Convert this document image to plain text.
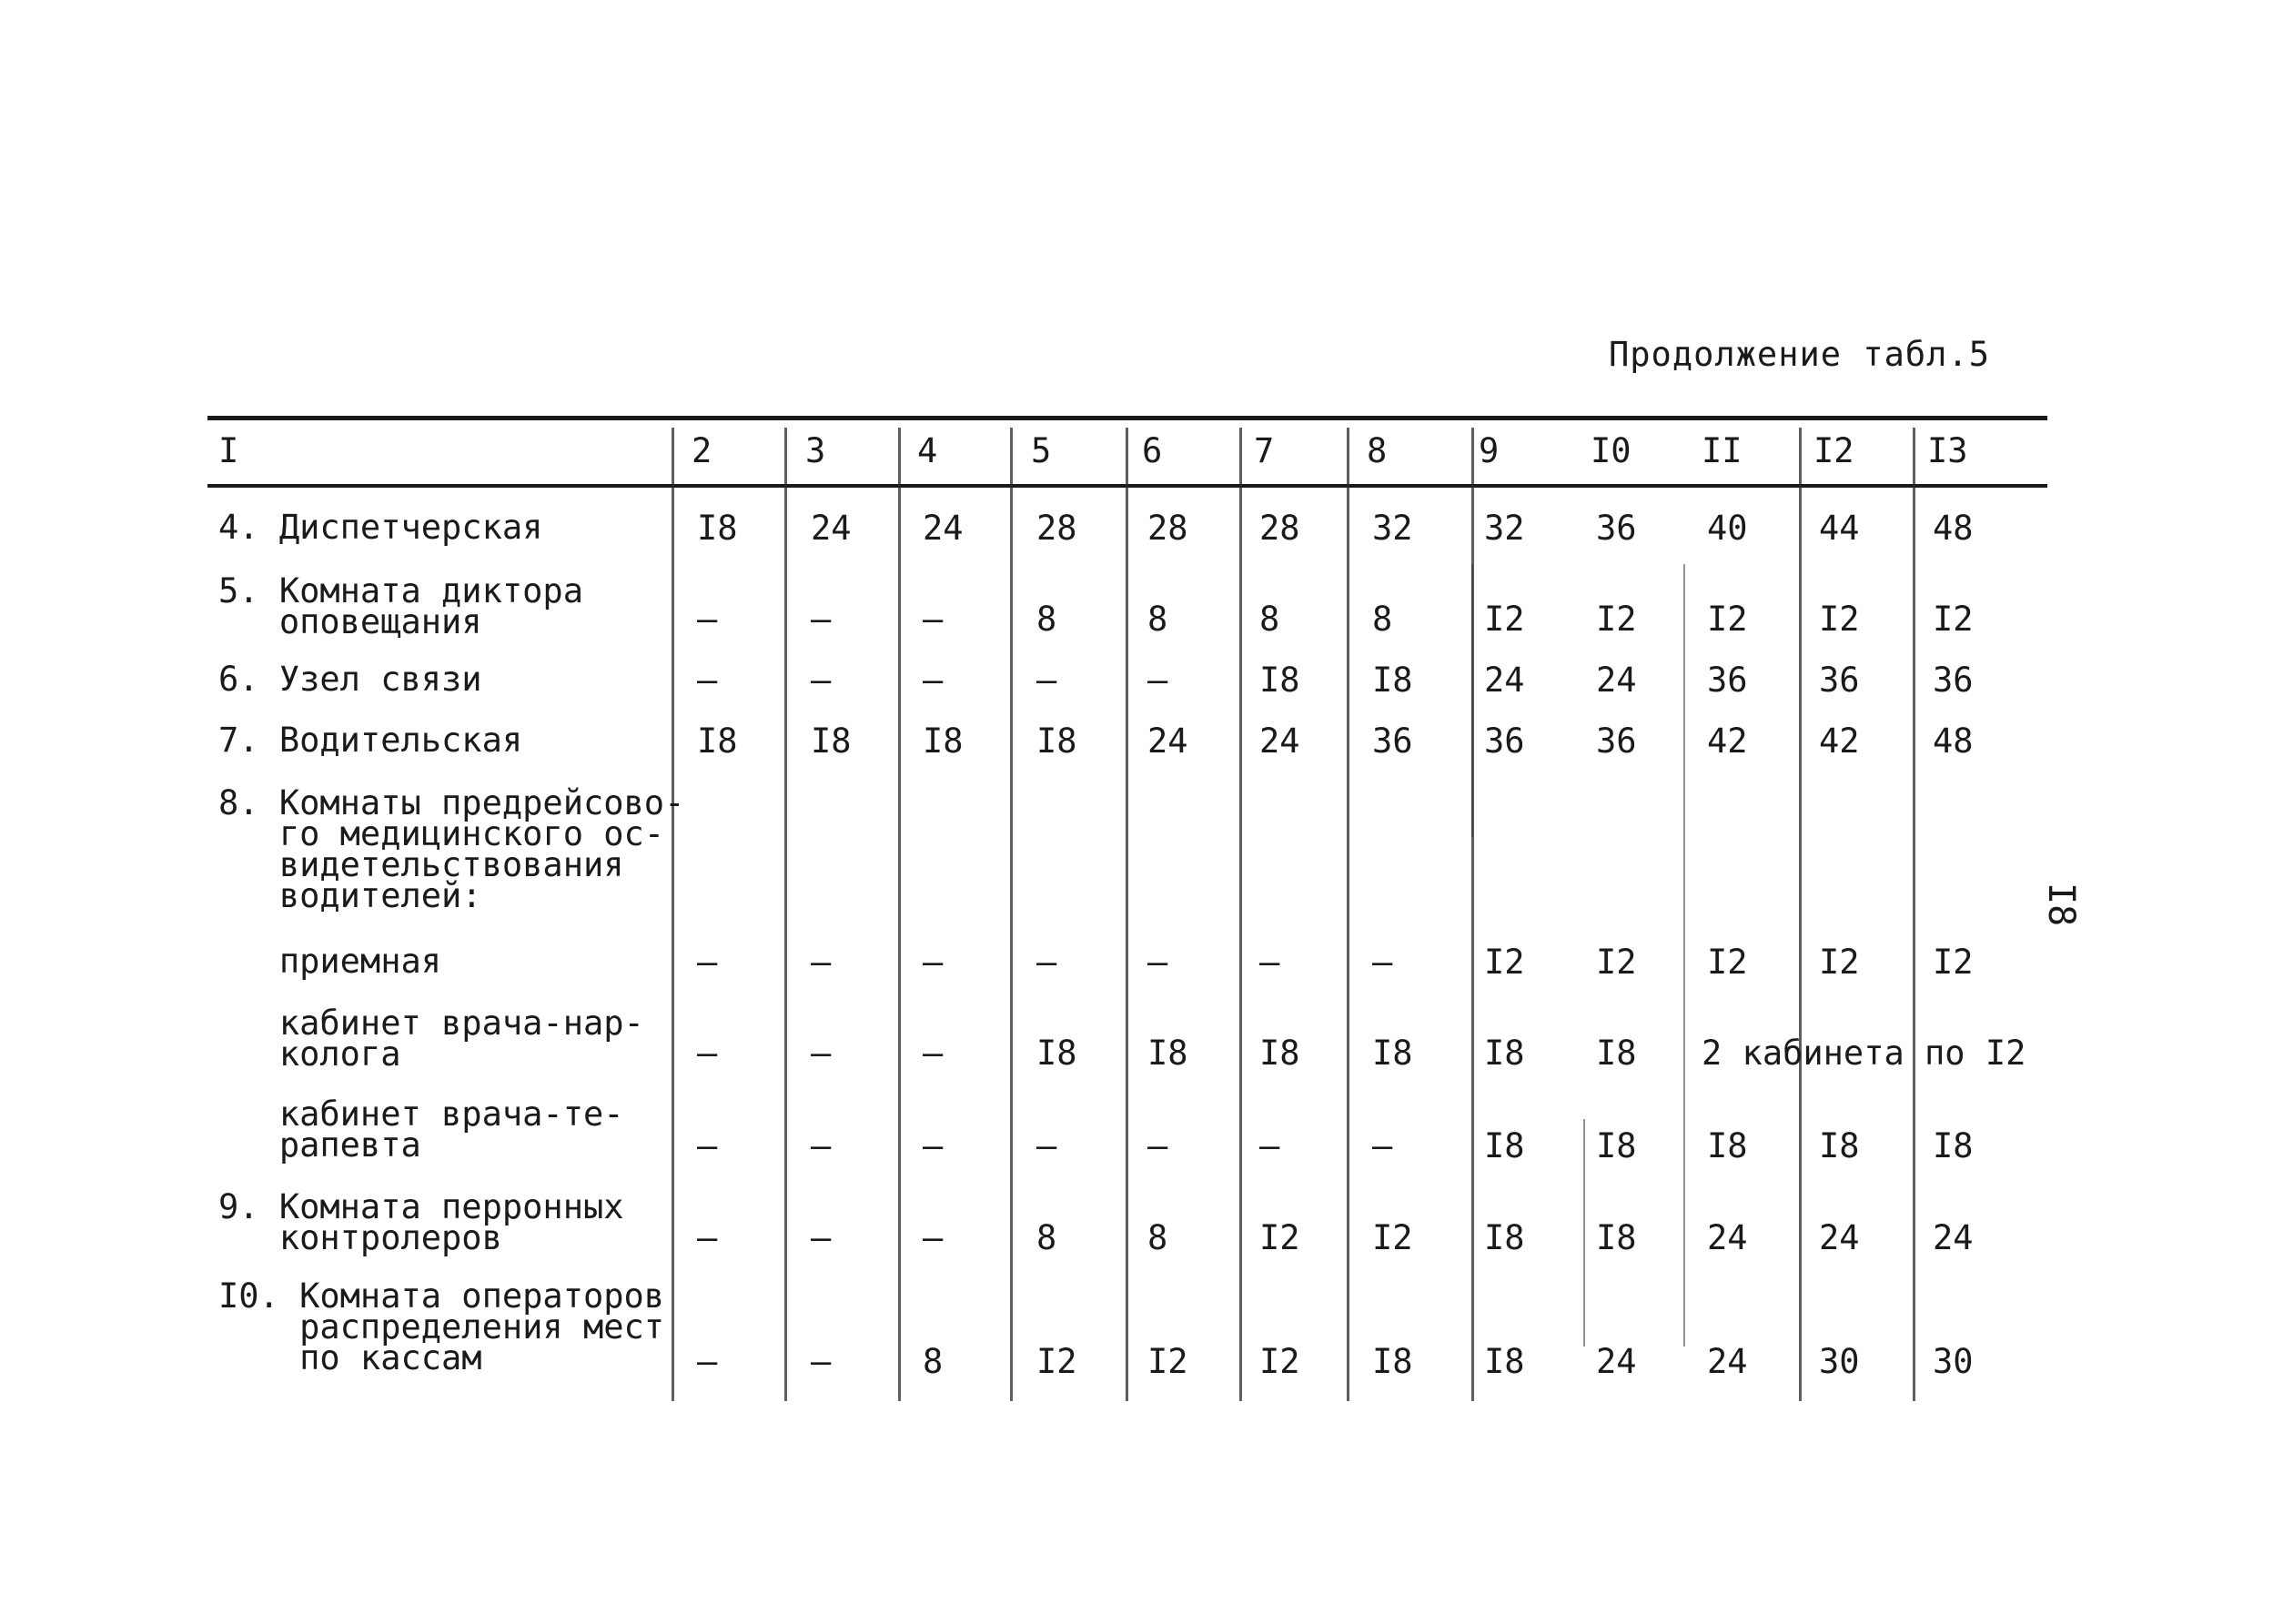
Продолжение табл.5
I8
I	2	3	4	5	6	7	8	9	I0 II I2 I3
4. Диспетчерская	I8 24 24 28 28 28 32 32 36 40 44 48
5. Комната диктора
оповещания	–	–	–	8	8	8	8	I2 I2 I2 I2 I2
6. Узел связи	–	–	–	–	–	I8 I8 24 24 36 36 36
7. Водительская	I8 I8 I8 I8 24 24 36 36 36 42 42 48
8. Комнаты предрейсово-
го медицинского ос-
видетельствования
водителей:
приемная	–	–	–	–	–	–	–	I2 I2 I2 I2 I2
кабинет врача-нар-
колога	–	–	–	I8 I8 I8 I8 I8 I8 2 кабинета по I2
кабинет врача-те-
рапевта	–	–	–	–	–	–	–	I8 I8 I8 I8 I8
9. Комната перронных
контролеров	–	–	–	8	8	I2 I2 I8 I8 24 24 24
I0. Комната операторов
распределения мест
по кассам	–	–	8	I2 I2 I2 I8 I8 24 24 30 30
